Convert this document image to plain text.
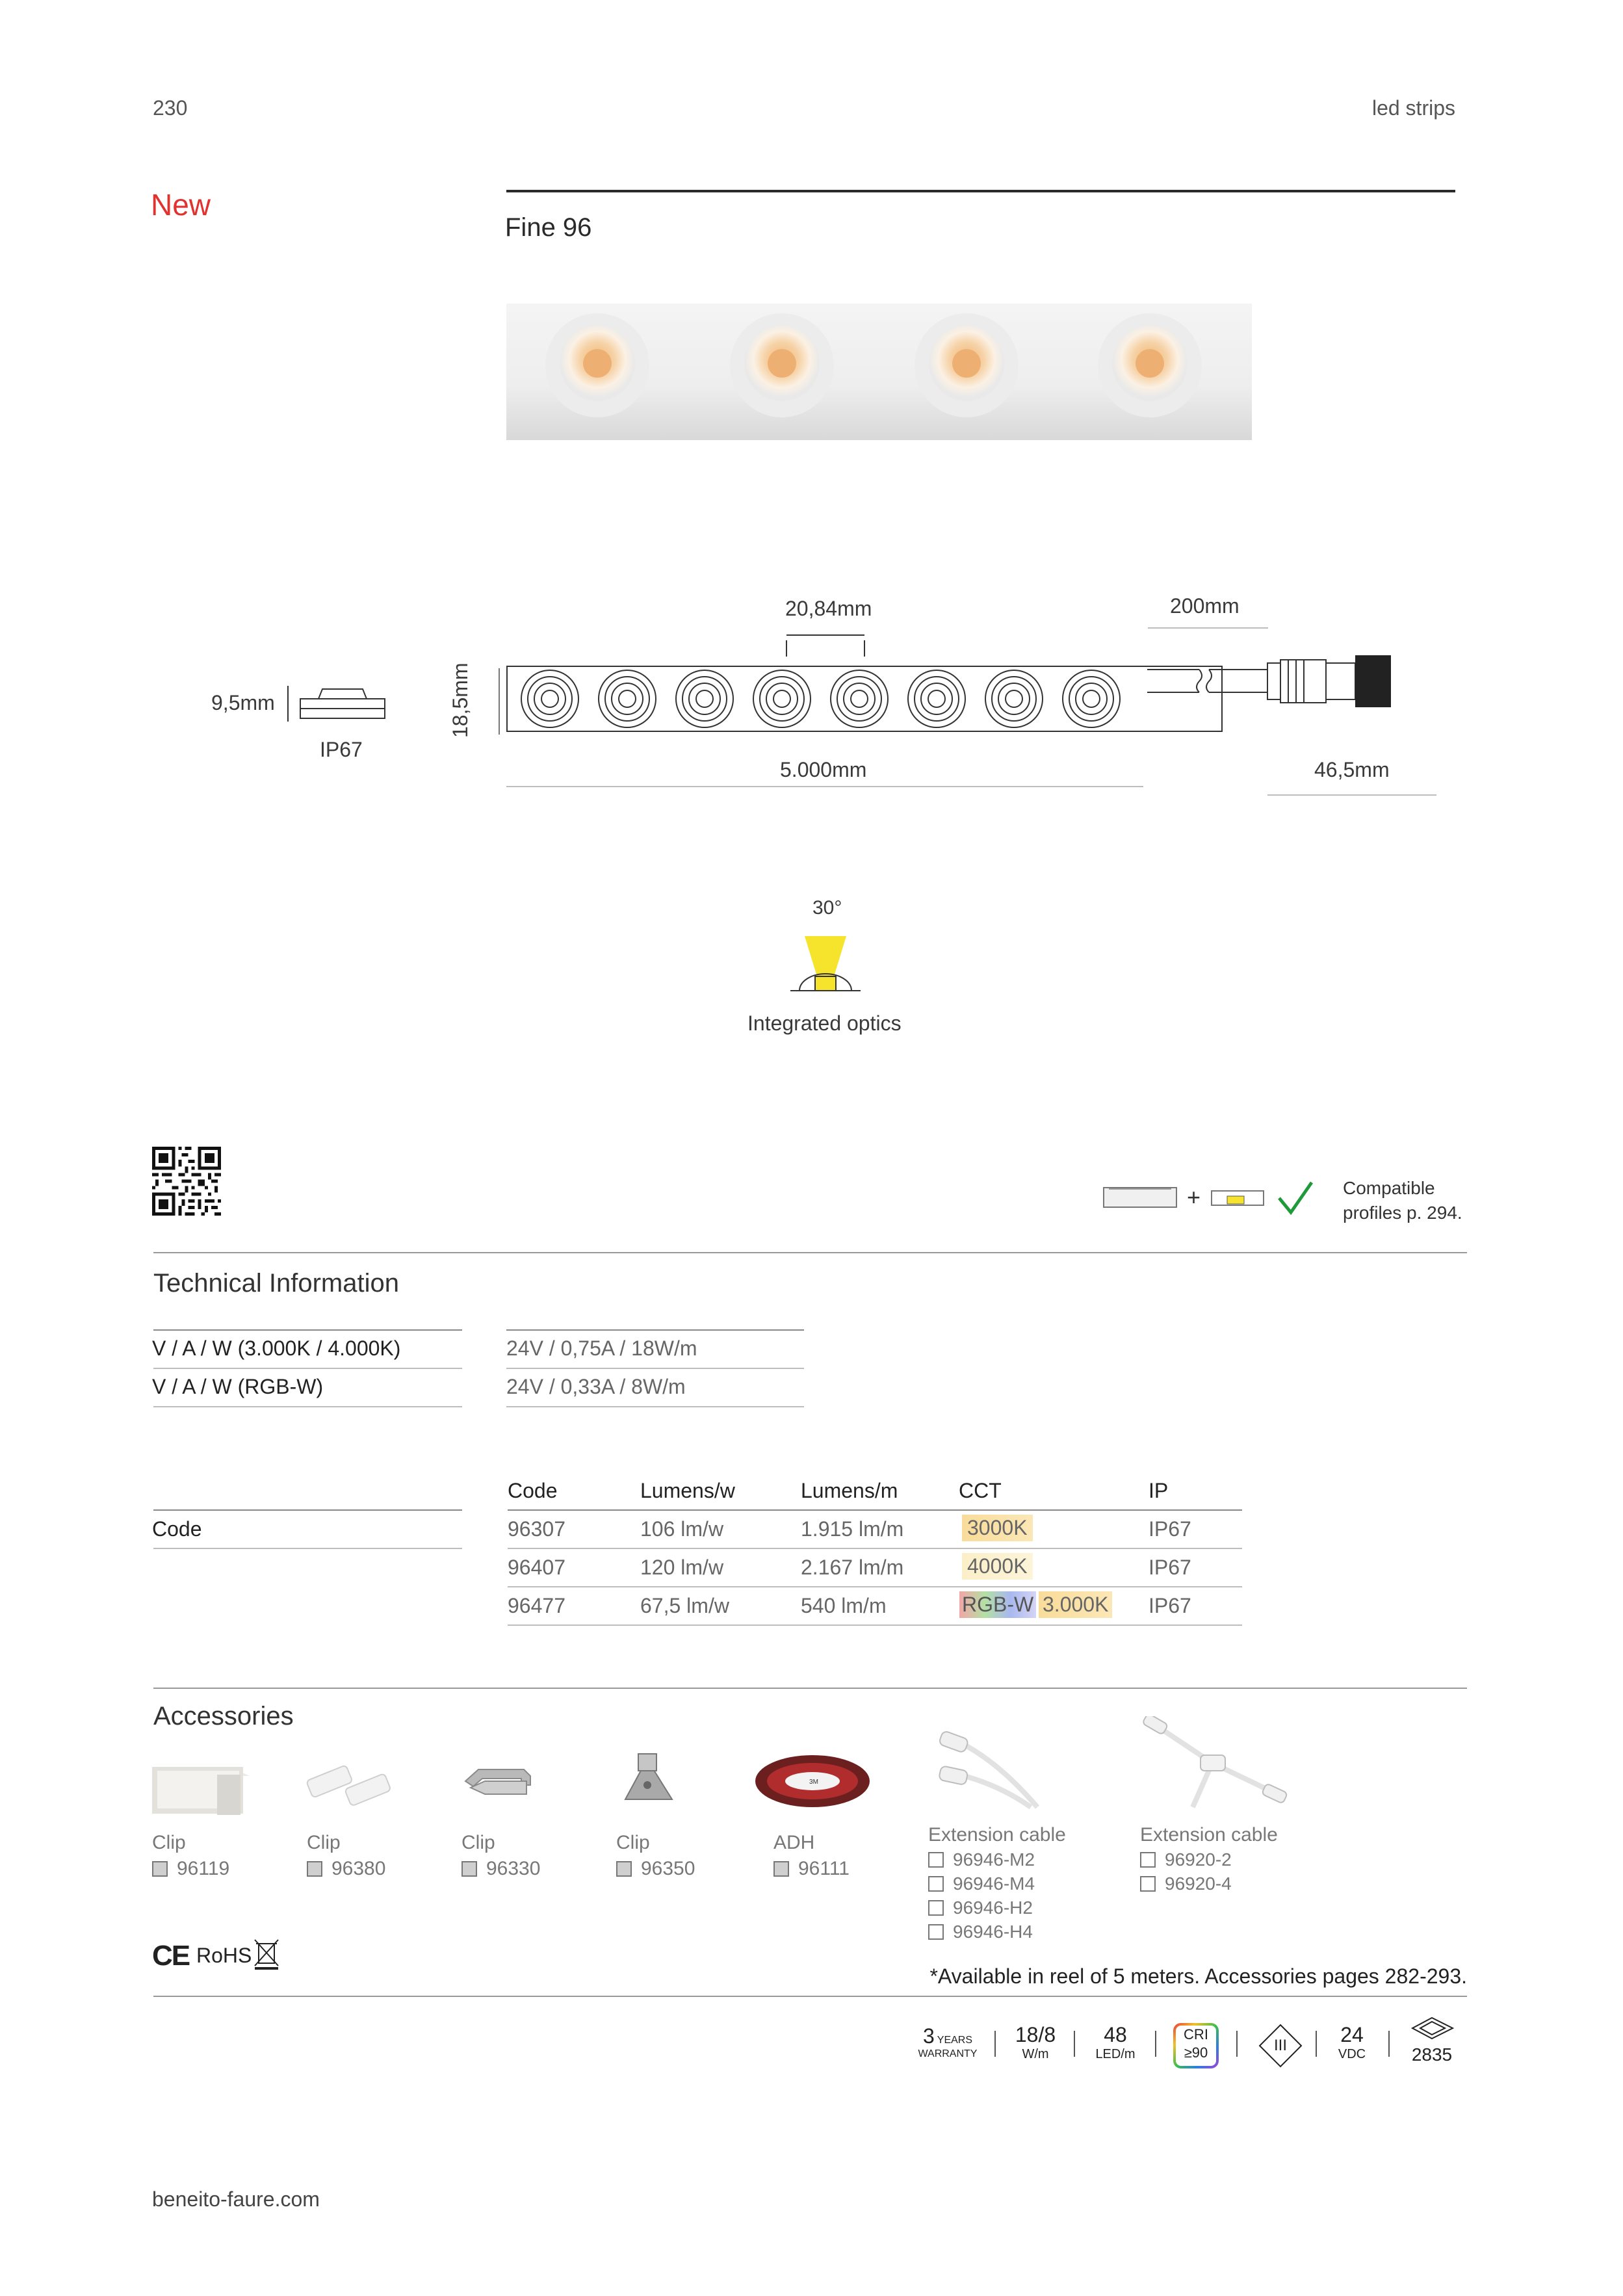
230	led strips
New
Fine 96
20,84mm	200mm
9,5mm
IP67
18,5mm
5.000mm	46,5mm
30°
Integrated optics
+	Compatible
profiles p. 294.
Technical Information
V / A / W (3.000K / 4.000K)	24V / 0,75A / 18W/m
V / A / W (RGB-W)	24V / 0,33A / 8W/m
Code	Lumens/w	Lumens/m	CCT	IP
Code	96307	106 lm/w	1.915 lm/m	3000K	IP67
96407	120 lm/w	2.167 lm/m	4000K	IP67
96477	67,5 lm/w	540 lm/m	RGB-W 3.000K IP67
Accessories
3M
Clip
96119
Clip
96380
Clip
96330
Clip
96350
ADH
96111
Extension cable
96946-M2
96946-M4
96946-H2
96946-H4
Extension cable
96920-2
96920-4
CE RoHS
*Available in reel of 5 meters. Accessories pages 282-293.
3 YEARS
WARRANTY
18/8
W/m
48
LED/m
CRI
≥90	III	24
VDC	2835
beneito-faure.com
